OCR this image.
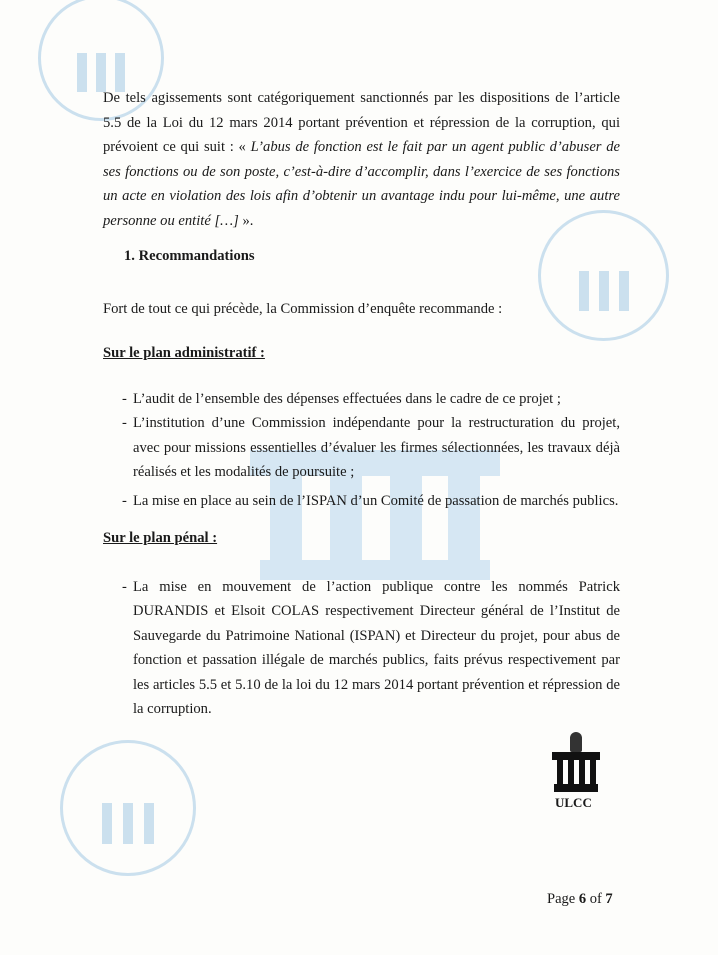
De tels agissements sont catégoriquement sanctionnés par les dispositions de l’article 5.5 de la Loi du 12 mars 2014 portant prévention et répression de la corruption, qui prévoient ce qui suit : « L’abus de fonction est le fait par un agent public d’abuser de ses fonctions ou de son poste, c’est-à-dire d’accomplir, dans l’exercice de ses fonctions un acte en violation des lois afin d’obtenir un avantage indu pour lui-même, une autre personne ou entité […] ».
1. Recommandations
Fort de tout ce qui précède, la Commission d’enquête recommande :
Sur le plan administratif :
- L’audit de l’ensemble des dépenses effectuées dans le cadre de ce projet ;
- L’institution d’une Commission indépendante pour la restructuration du projet, avec pour missions essentielles d’évaluer les firmes sélectionnées, les travaux déjà réalisés et les modalités de poursuite ;
- La mise en place au sein de l’ISPAN d’un Comité de passation de marchés publics.
Sur le plan pénal :
- La mise en mouvement de l’action publique contre les nommés Patrick DURANDIS et Elsoit COLAS respectivement Directeur général de l’Institut de Sauvegarde du Patrimoine National (ISPAN) et Directeur du projet, pour abus de fonction et passation illégale de marchés publics, faits prévus respectivement par les articles 5.5 et 5.10 de la loi du 12 mars 2014 portant prévention et répression de la corruption.
ULCC
Page 6 of 7
